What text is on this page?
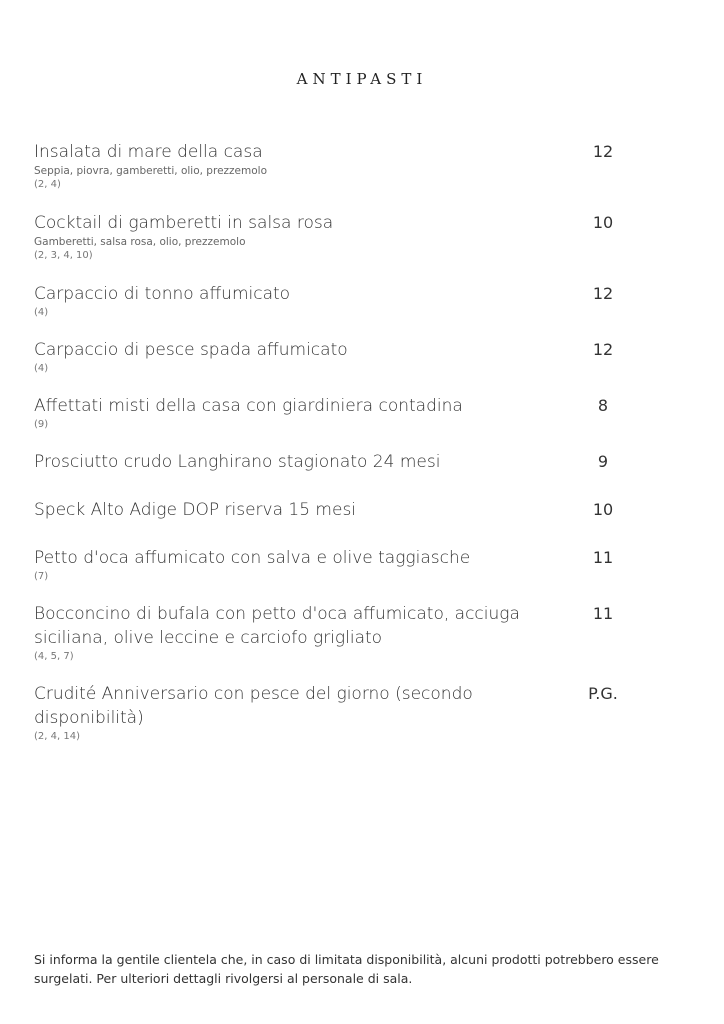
ANTIPASTI
Insalata di mare della casa
Seppia, piovra, gamberetti, olio, prezzemolo
(2, 4)
12
Cocktail di gamberetti in salsa rosa
Gamberetti, salsa rosa, olio, prezzemolo
(2, 3, 4, 10)
10
Carpaccio di tonno affumicato
(4)
12
Carpaccio di pesce spada affumicato
(4)
12
Affettati misti della casa con giardiniera contadina
(9)
8
Prosciutto crudo Langhirano stagionato 24 mesi	9
Speck Alto Adige DOP riserva 15 mesi	10
Petto d'oca affumicato con salva e olive taggiasche
(7)
11
Bocconcino di bufala con petto d'oca affumicato, acciuga siciliana, olive leccine e carciofo grigliato
(4, 5, 7)
11
Crudité Anniversario con pesce del giorno (secondo disponibilità)
(2, 4, 14)
P.G.
Si informa la gentile clientela che, in caso di limitata disponibilità, alcuni prodotti potrebbero essere surgelati. Per ulteriori dettagli rivolgersi al personale di sala.
